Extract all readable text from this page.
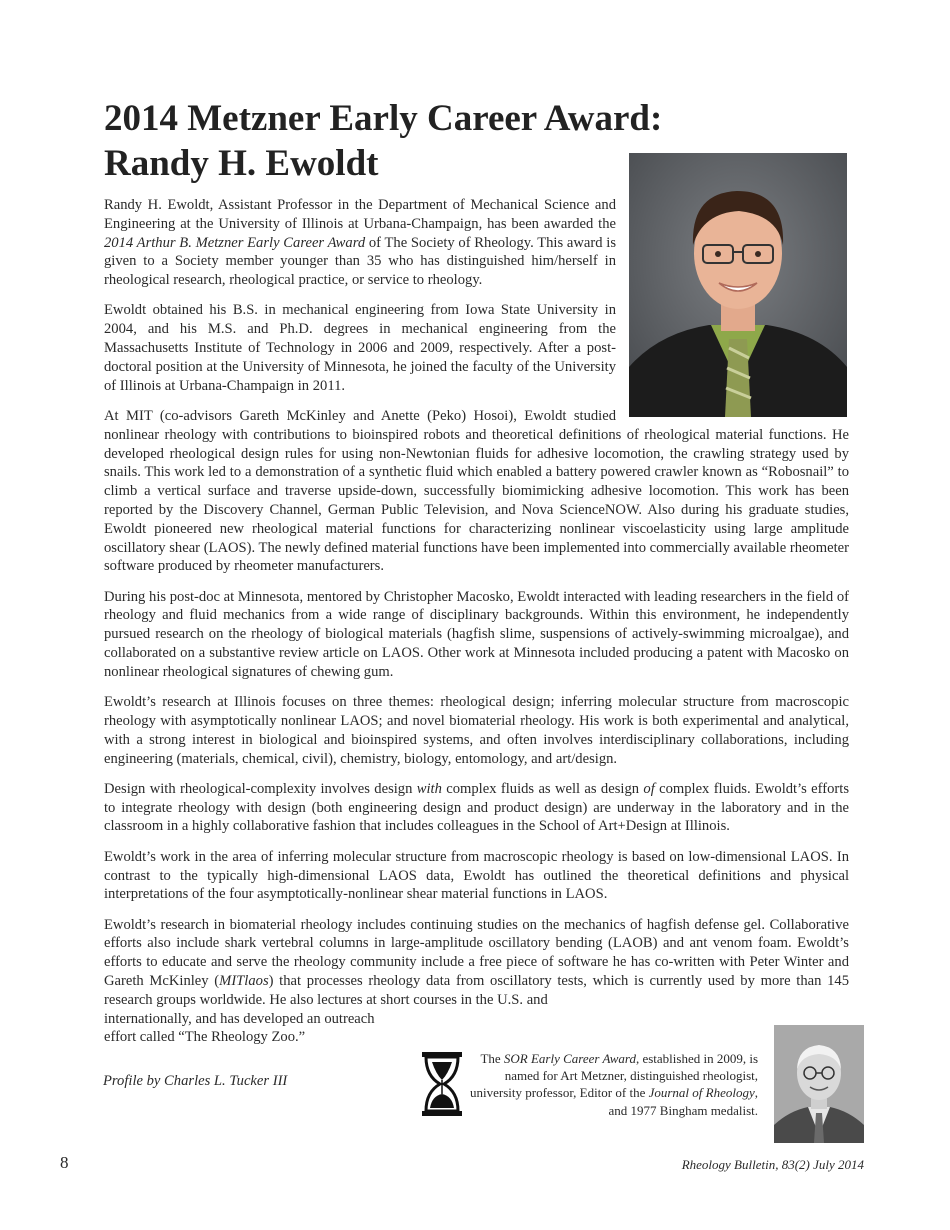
2014 Metzner Early Career Award:
Randy H. Ewoldt

Randy H. Ewoldt, Assistant Professor in the Department of Mechanical Science and Engineering at the University of Illinois at Urbana-Champaign, has been awarded the 2014 Arthur B. Metzner Early Career Award of The Society of Rheology. This award is given to a Society member younger than 35 who has distinguished him/herself in rheological research, rheological practice, or service to rheology.

Ewoldt obtained his B.S. in mechanical engineering from Iowa State University in 2004, and his M.S. and Ph.D. degrees in mechanical engineering from the Massachusetts Institute of Technology in 2006 and 2009, respectively. After a post-doctoral position at the University of Minnesota, he joined the faculty of the University of Illinois at Urbana-Champaign in 2011.

At MIT (co-advisors Gareth McKinley and Anette (Peko) Hosoi), Ewoldt studied nonlinear rheology with contributions to bioinspired robots and theoretical definitions of rheological material functions. He developed rheological design rules for using non-Newtonian fluids for adhesive locomotion, the crawling strategy used by snails. This work led to a demonstration of a synthetic fluid which enabled a battery powered crawler known as “Robosnail” to climb a vertical surface and traverse upside-down, successfully biomimicking adhesive locomotion. This work has been reported by the Discovery Channel, German Public Television, and Nova ScienceNOW. Also during his graduate studies, Ewoldt pioneered new rheological material functions for characterizing nonlinear viscoelasticity using large amplitude oscillatory shear (LAOS). The newly defined material functions have been implemented into commercially available rheometer software produced by rheometer manufacturers.

During his post-doc at Minnesota, mentored by Christopher Macosko, Ewoldt interacted with leading researchers in the field of rheology and fluid mechanics from a wide range of disciplinary backgrounds. Within this environment, he independently pursued research on the rheology of biological materials (hagfish slime, suspensions of actively-swimming microalgae), and collaborated on a substantive review article on LAOS. Other work at Minnesota included producing a patent with Macosko on nonlinear rheological signatures of chewing gum.

Ewoldt’s research at Illinois focuses on three themes: rheological design; inferring molecular structure from macroscopic rheology with asymptotically nonlinear LAOS; and novel biomaterial rheology. His work is both experimental and analytical, with a strong interest in biological and bioinspired systems, and often involves interdisciplinary collaborations, including engineering (materials, chemical, civil), chemistry, biology, entomology, and art/design.

Design with rheological-complexity involves design with complex fluids as well as design of complex fluids. Ewoldt’s efforts to integrate rheology with design (both engineering design and product design) are underway in the laboratory and in the classroom in a highly collaborative fashion that includes colleagues in the School of Art+Design at Illinois.

Ewoldt’s work in the area of inferring molecular structure from macroscopic rheology is based on low-dimensional LAOS. In contrast to the typically high-dimensional LAOS data, Ewoldt has outlined the theoretical definitions and physical interpretations of the four asymptotically-nonlinear shear material functions in LAOS.

Ewoldt’s research in biomaterial rheology includes continuing studies on the mechanics of hagfish defense gel. Collaborative efforts also include shark vertebral columns in large-amplitude oscillatory bending (LAOB) and ant venom foam. Ewoldt’s efforts to educate and serve the rheology community include a free piece of software he has co-written with Peter Winter and Gareth McKinley (MITlaos) that processes rheology data from oscillatory tests, which is currently used by more than 145 research groups worldwide. He also lectures at short courses in the U.S. and
internationally, and has developed an outreach
effort called “The Rheology Zoo.”

Profile by Charles L. Tucker III
The SOR Early Career Award, established in 2009, is named for Art Metzner, distinguished rheologist, university professor, Editor of the Journal of Rheology, and 1977 Bingham medalist.
8	Rheology Bulletin, 83(2) July 2014
